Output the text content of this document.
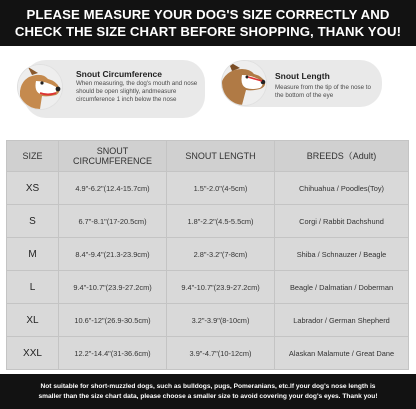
PLEASE MEASURE YOUR DOG'S SIZE CORRECTLY AND
CHECK THE SIZE CHART BEFORE SHOPPING, THANK YOU!
Snout Circumference
When measuring, the dog's mouth and nose should be open slightly, andmeasure circumference 1 inch below the nose
Snout Length
Measure from the tip of the nose to the bottom of the eye
SIZE	SNOUT CIRCUMFERENCE	SNOUT LENGTH	BREEDS（Adult)
XS	4.9"-6.2"(12.4-15.7cm)	1.5"-2.0"(4-5cm)	Chihuahua / Poodles(Toy)
S	6.7"-8.1"(17-20.5cm)	1.8"-2.2"(4.5-5.5cm)	Corgi / Rabbit Dachshund
M	8.4"-9.4"(21.3-23.9cm)	2.8"-3.2"(7-8cm)	Shiba / Schnauzer / Beagle
L	9.4"-10.7"(23.9-27.2cm)	9.4"-10.7"(23.9-27.2cm)	Beagle / Dalmatian / Doberman
XL	10.6"-12"(26.9-30.5cm)	3.2"-3.9"(8-10cm)	Labrador / German Shepherd
XXL	12.2"-14.4"(31-36.6cm)	3.9"-4.7"(10-12cm)	Alaskan Malamute / Great Dane
Not suitable for short-muzzled dogs, such as bulldogs, pugs, Pomeranians, etc.If your dog's nose length is
smaller than the size chart data, please choose a smaller size to avoid covering your dog's eyes. Thank you!
